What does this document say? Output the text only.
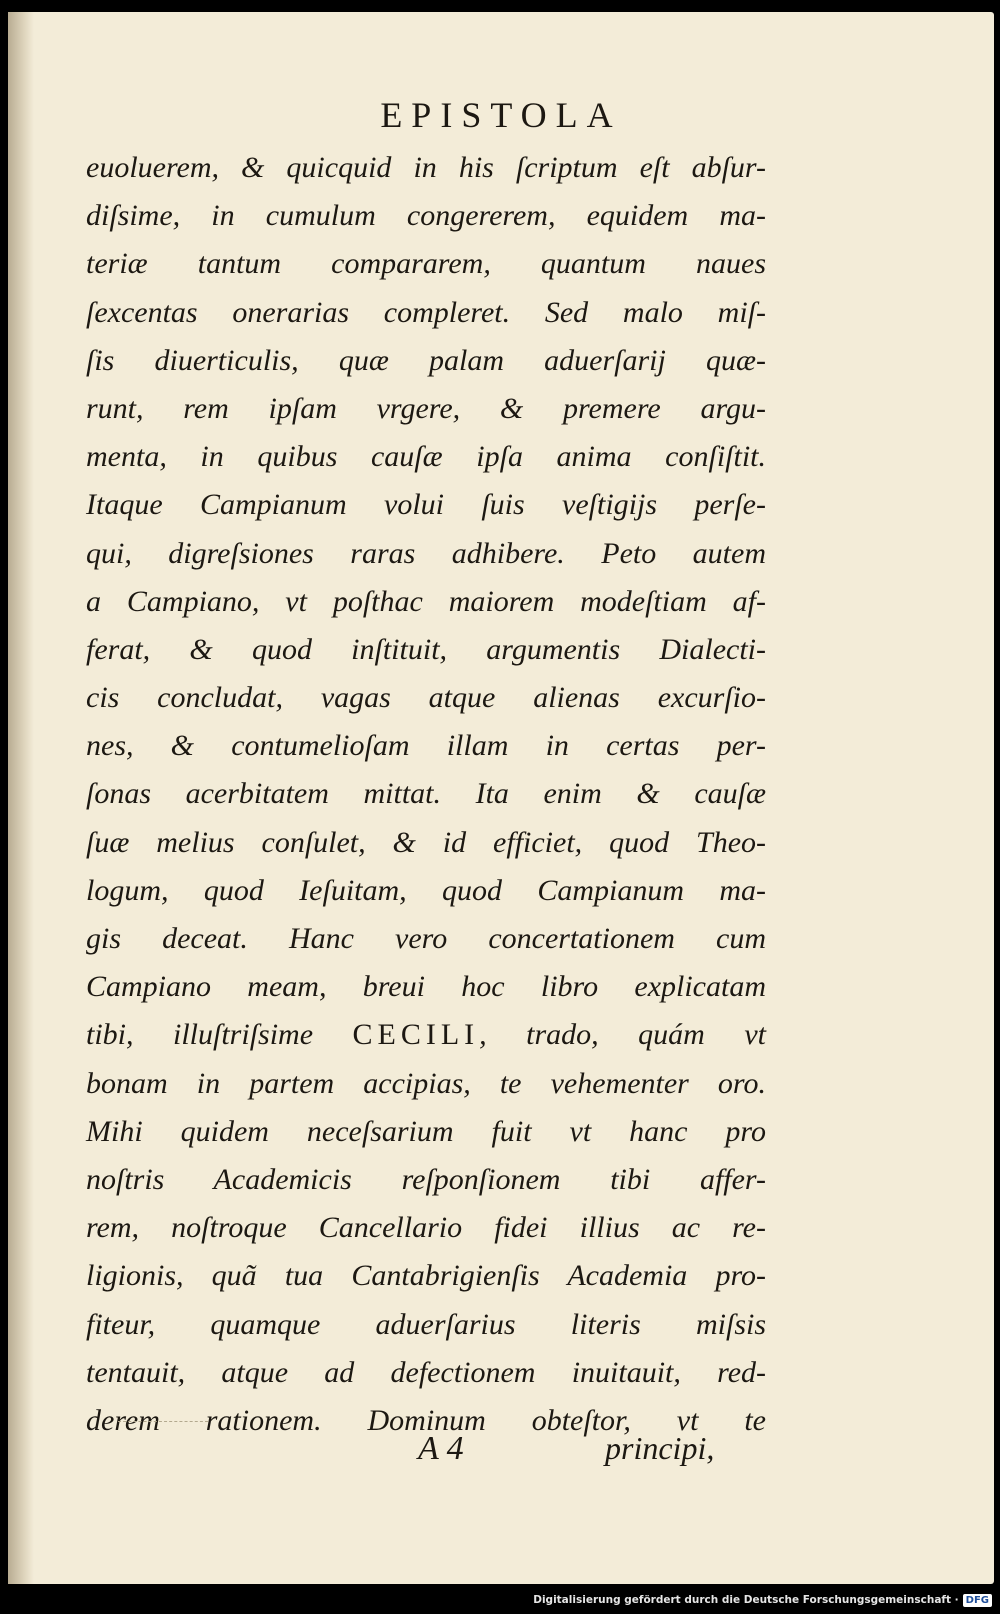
EPISTOLA
euoluerem, & quicquid in his ſcriptum eſt abſur-
diſsime, in cumulum congererem, equidem ma-
teriæ tantum compararem, quantum naues
ſexcentas onerarias compleret. Sed malo miſ-
ſis diuerticulis, quæ palam aduerſarij quæ-
runt, rem ipſam vrgere, & premere argu-
menta, in quibus cauſæ ipſa anima conſiſtit.
Itaque Campianum volui ſuis veſtigijs perſe-
qui, digreſsiones raras adhibere. Peto autem
a Campiano, vt poſthac maiorem modeſtiam af-
ferat, & quod inſtituit, argumentis Dialecti-
cis concludat, vagas atque alienas excurſio-
nes, & contumelioſam illam in certas per-
ſonas acerbitatem mittat. Ita enim & cauſæ
ſuæ melius conſulet, & id efficiet, quod Theo-
logum, quod Ieſuitam, quod Campianum ma-
gis deceat. Hanc vero concertationem cum
Campiano meam, breui hoc libro explicatam
tibi, illuſtriſsime CECILI, trado, quám vt
bonam in partem accipias, te vehementer oro.
Mihi quidem neceſsarium fuit vt hanc pro
noſtris Academicis reſponſionem tibi affer-
rem, noſtroque Cancellario fidei illius ac re-
ligionis, quã tua Cantabrigienſis Academia pro-
fiteur, quamque aduerſarius literis miſsis
tentauit, atque ad defectionem inuitauit, red-
derem rationem. Dominum obteſtor, vt te
A 4	principi,
Digitalisierung gefördert durch die Deutsche Forschungsgemeinschaft · DFG
